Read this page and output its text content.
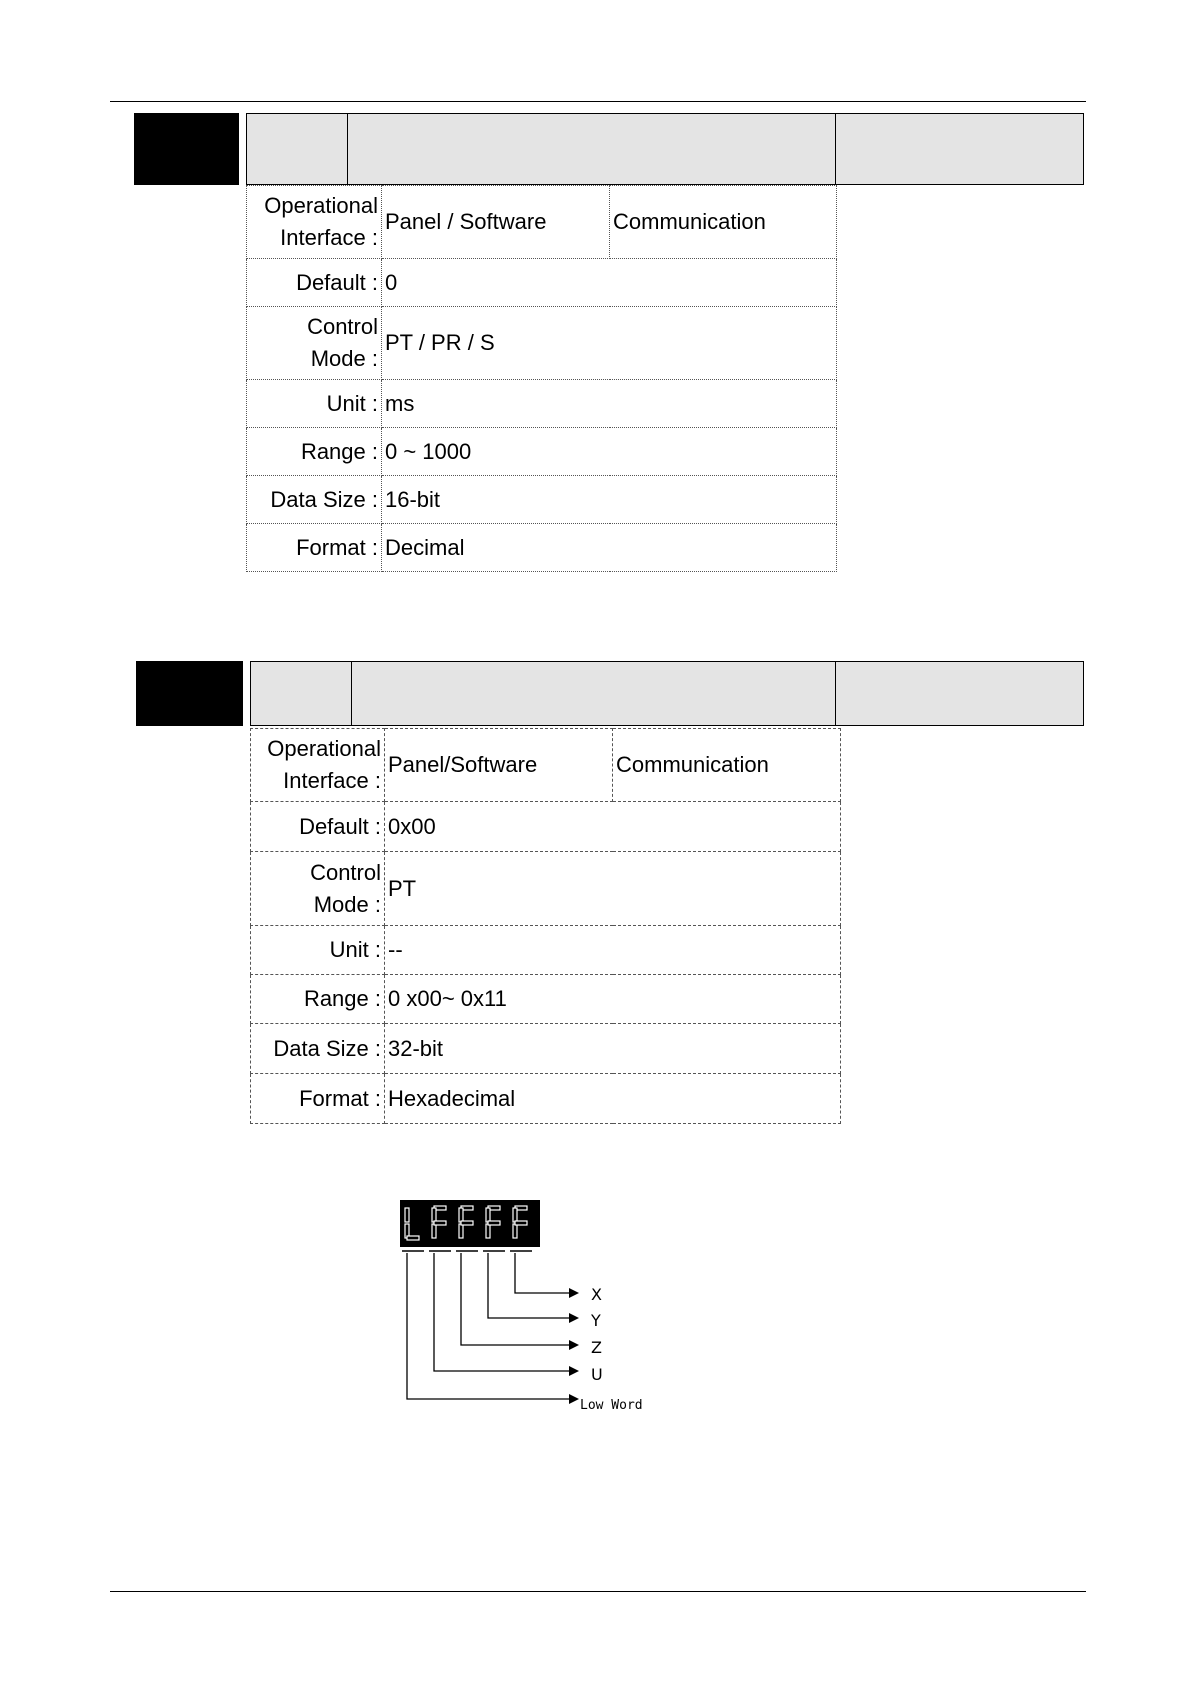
Operational
Interface :	Panel / Software	Communication
Default :	0	

Control
Mode :	PT / PR / S	
Unit :	ms	
Range :	0 ~ 1000	
Data Size :	16-bit	
Format :	Decimal	
Operational
Interface :	Panel/Software	Communication
Default :	0x00	

Control
Mode :	PT	
Unit :	--	
Range :	0 x00~ 0x11	
Data Size :	32-bit	
Format :	Hexadecimal	
X
Y
Z
U
Low Word
